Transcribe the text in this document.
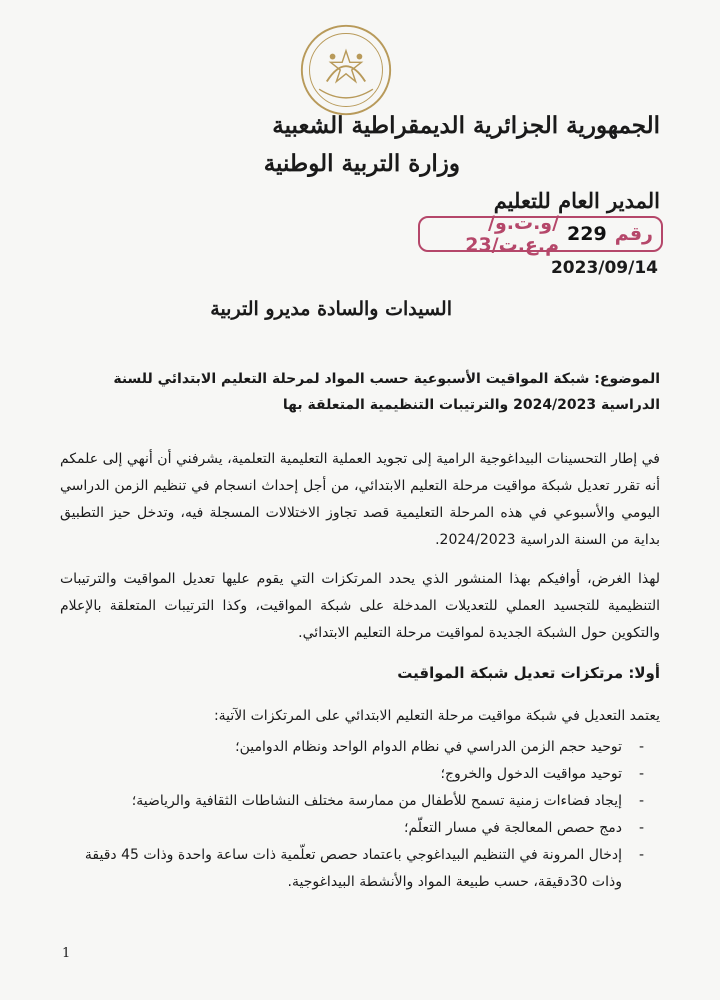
الجمهورية الجزائرية الديمقراطية الشعبية
وزارة التربية الوطنية
المدير العام للتعليم
رقم
229
/و.ت.و/ م.ع.ت/23
2023/09/14
السيدات والسادة مديرو التربية
الموضوع: شبكة المواقيت الأسبوعية حسب المواد لمرحلة التعليم الابتدائي للسنة الدراسية 2024/2023 والترتيبات التنظيمية المتعلقة بها
في إطار التحسينات البيداغوجية الرامية إلى تجويد العملية التعليمية التعلمية، يشرفني أن أنهي إلى علمكم أنه تقرر تعديل شبكة مواقيت مرحلة التعليم الابتدائي، من أجل إحداث انسجام في تنظيم الزمن الدراسي اليومي والأسبوعي في هذه المرحلة التعليمية قصد تجاوز الاختلالات المسجلة فيه، وتدخل حيز التطبيق بداية من السنة الدراسية 2024/2023.
لهذا الغرض، أوافيكم بهذا المنشور الذي يحدد المرتكزات التي يقوم عليها تعديل المواقيت والترتيبات التنظيمية للتجسيد العملي للتعديلات المدخلة على شبكة المواقيت، وكذا الترتيبات المتعلقة بالإعلام والتكوين حول الشبكة الجديدة لمواقيت مرحلة التعليم الابتدائي.
أولا: مرتكزات تعديل شبكة المواقيت
يعتمد التعديل في شبكة مواقيت مرحلة التعليم الابتدائي على المرتكزات الآتية:
-
توحيد حجم الزمن الدراسي في نظام الدوام الواحد ونظام الدوامين؛
-
توحيد مواقيت الدخول والخروج؛
-
إيجاد فضاءات زمنية تسمح للأطفال من ممارسة مختلف النشاطات الثقافية والرياضية؛
-
دمج حصص المعالجة في مسار التعلّم؛
-
إدخال المرونة في التنظيم البيداغوجي باعتماد حصص تعلّمية ذات ساعة واحدة وذات 45 دقيقة وذات 30دقيقة، حسب طبيعة المواد والأنشطة البيداغوجية.
1
